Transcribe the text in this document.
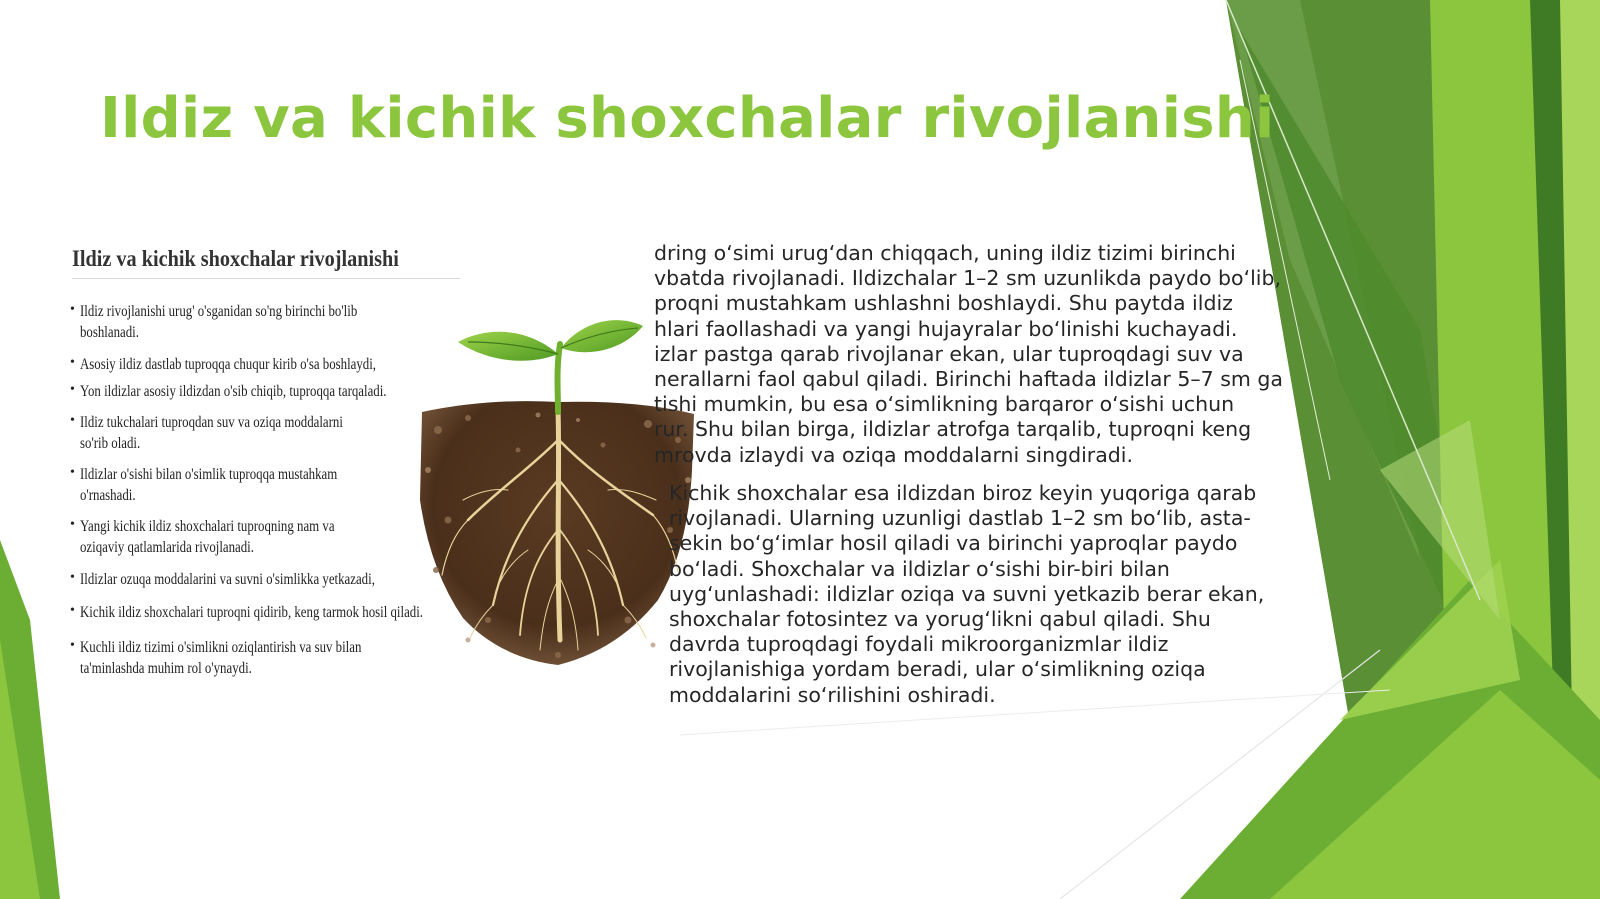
Ildiz va kichik shoxchalar rivojlanishi
Ildiz va kichik shoxchalar rivojlanishi
• Ildiz rivojlanishi urug' o'sganidan so'ng birinchi bo'lib
boshlanadi.
• Asosiy ildiz dastlab tuproqqa chuqur kirib o'sa boshlaydi,
• Yon ildizlar asosiy ildizdan o'sib chiqib, tuproqqa tarqaladi.
• Ildiz tukchalari tuproqdan suv va oziqa moddalarni
so'rib oladi.
• Ildizlar o'sishi bilan o'simlik tuproqqa mustahkam
o'rnashadi.
• Yangi kichik ildiz shoxchalari tuproqning nam va
oziqaviy qatlamlarida rivojlanadi.
• Ildizlar ozuqa moddalarini va suvni o'simlikka yetkazadi,
• Kichik ildiz shoxchalari tuproqni qidirib, keng tarmok hosil qiladi.
• Kuchli ildiz tizimi o'simlikni oziqlantirish va suv bilan
ta'minlashda muhim rol o'ynaydi.
dring o‘simi urug‘dan chiqqach, uning ildiz tizimi birinchi
vbatda rivojlanadi. Ildizchalar 1–2 sm uzunlikda paydo bo‘lib,
proqni mustahkam ushlashni boshlaydi. Shu paytda ildiz
hlari faollashadi va yangi hujayralar bo‘linishi kuchayadi.
izlar pastga qarab rivojlanar ekan, ular tuproqdagi suv va
nerallarni faol qabul qiladi. Birinchi haftada ildizlar 5–7 sm ga
tishi mumkin, bu esa o‘simlikning barqaror o‘sishi uchun
rur. Shu bilan birga, ildizlar atrofga tarqalib, tuproqni keng
mrovda izlaydi va oziqa moddalarni singdiradi.
Kichik shoxchalar esa ildizdan biroz keyin yuqoriga qarab
rivojlanadi. Ularning uzunligi dastlab 1–2 sm bo‘lib, asta-
sekin bo‘g‘imlar hosil qiladi va birinchi yaproqlar paydo
bo‘ladi. Shoxchalar va ildizlar o‘sishi bir-biri bilan
uyg‘unlashadi: ildizlar oziqa va suvni yetkazib berar ekan,
shoxchalar fotosintez va yorug‘likni qabul qiladi. Shu
davrda tuproqdagi foydali mikroorganizmlar ildiz
rivojlanishiga yordam beradi, ular o‘simlikning oziqa
moddalarini so‘rilishini oshiradi.
